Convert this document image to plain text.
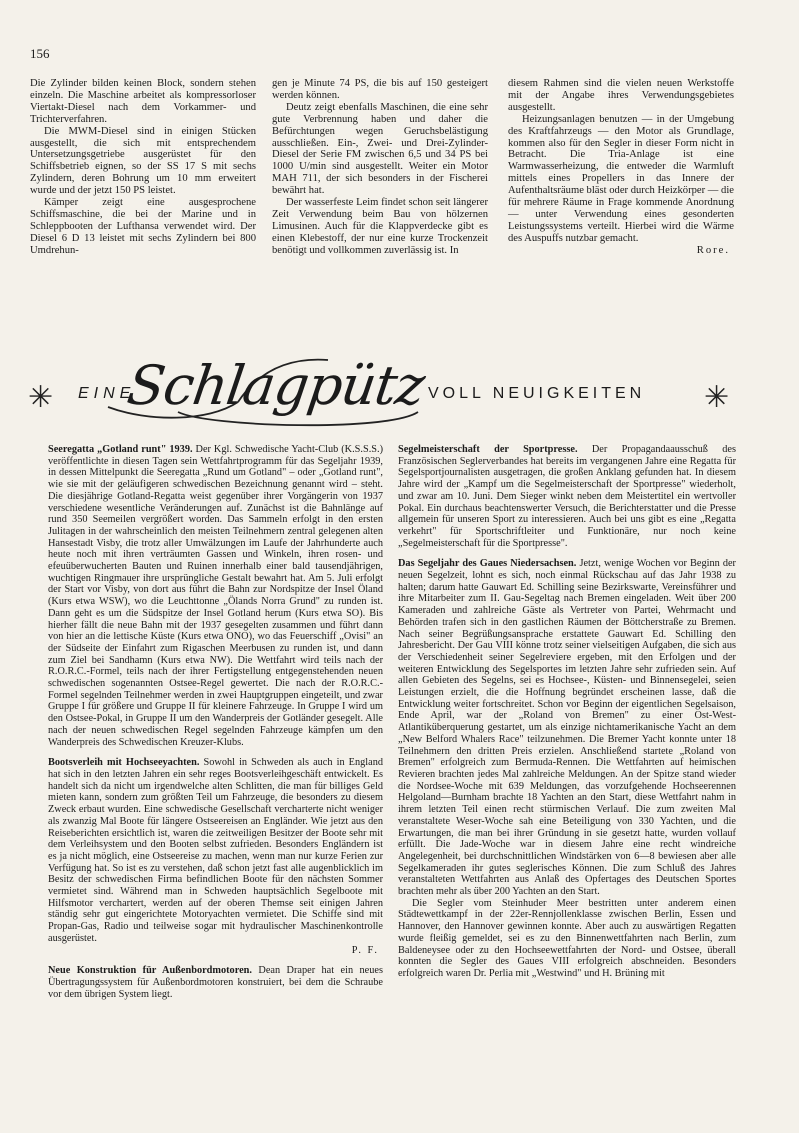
156

Die Zylinder bilden keinen Block, sondern stehen einzeln. Die Maschine arbeitet als kompressorloser Viertakt-Diesel nach dem Vorkammer- und Trichterverfahren.

Die MWM-Diesel sind in einigen Stücken ausgestellt, die sich mit entsprechendem Untersetzungsgetriebe ausgerüstet für den Schiffsbetrieb eignen, so der SS 17 S mit sechs Zylindern, deren Bohrung um 10 mm erweitert wurde und der jetzt 150 PS leistet.

Kämper zeigt eine ausgesprochene Schiffsmaschine, die bei der Marine und in Schleppbooten der Lufthansa verwendet wird. Der Diesel 6 D 13 leistet mit sechs Zylindern bei 800 Umdrehun-

gen je Minute 74 PS, die bis auf 150 gesteigert werden können.

Deutz zeigt ebenfalls Maschinen, die eine sehr gute Verbrennung haben und daher die Befürchtungen wegen Geruchsbelästigung ausschließen. Ein-, Zwei- und Drei-Zylinder-Diesel der Serie FM zwischen 6,5 und 34 PS bei 1000 U/min sind ausgestellt. Weiter ein Motor MAH 711, der sich besonders in der Fischerei bewährt hat.

Der wasserfeste Leim findet schon seit längerer Zeit Verwendung beim Bau von hölzernen Limusinen. Auch für die Klappverdecke gibt es einen Klebestoff, der nur eine kurze Trockenzeit benötigt und vollkommen zuverlässig ist. In

diesem Rahmen sind die vielen neuen Werkstoffe mit der Angabe ihres Verwendungsgebietes ausgestellt.

Heizungsanlagen benutzen — in der Umgebung des Kraftfahrzeugs — den Motor als Grundlage, kommen also für den Segler in dieser Form nicht in Betracht. Die Tria-Anlage ist eine Warmwasserheizung, die entweder die Warmluft mittels eines Propellers in das Innere der Aufenthaltsräume bläst oder durch Heizkörper — die für mehrere Räume in Frage kommende Anordnung — unter Verwendung eines gesonderten Leistungssystems verteilt. Hierbei wird die Wärme des Auspuffs nutzbar gemacht.

Rore.

✳ EINE
Schlagpütz VOLL NEUIGKEITEN ✳

Seeregatta „Gotland runt" 1939. Der Kgl. Schwedische Yacht-Club (K.S.S.S.) veröffentlichte in diesen Tagen sein Wettfahrtprogramm für das Segeljahr 1939, in dessen Mittelpunkt die Seeregatta „Rund um Gotland" – oder „Gotland runt", wie sie mit der geläufigeren schwedischen Bezeichnung genannt wird – steht. Die diesjährige Gotland-Regatta weist gegenüber ihrer Vorgängerin von 1937 verschiedene wesentliche Veränderungen auf. Zunächst ist die Bahnlänge auf rund 350 Seemeilen vergrößert worden. Das Sammeln erfolgt in den ersten Julitagen in der wahrscheinlich den meisten Teilnehmern zentral gelegenen alten Hansestadt Visby, die trotz aller Umwälzungen im Laufe der Jahrhunderte auch heute noch mit ihren verträumten Gassen und Winkeln, ihren rosen- und efeuüberwucherten Bauten und Ruinen innerhalb einer bald tausendjährigen, wuchtigen Ringmauer ihre ursprüngliche Gestalt bewahrt hat. Am 5. Juli erfolgt der Start vor Visby, von dort aus führt die Bahn zur Nordspitze der Insel Öland (Kurs etwa WSW), wo die Leuchttonne „Ölands Norra Grund" zu runden ist. Dann geht es um die Südspitze der Insel Gotland herum (Kurs etwa SO). Bis hierher fällt die neue Bahn mit der 1937 gesegelten zusammen und führt dann von hier an die lettische Küste (Kurs etwa ONO), wo das Feuerschiff „Ovisi" an der Südseite der Einfahrt zum Rigaschen Meerbusen zu runden ist, und dann zum Ziel bei Sandhamn (Kurs etwa NW). Die Wettfahrt wird teils nach der R.O.R.C.-Formel, teils nach der ihrer Fertigstellung entgegenstehenden neuen schwedischen sogenannten Ostsee-Regel gewertet. Die nach der R.O.R.C.-Formel segelnden Teilnehmer werden in zwei Hauptgruppen eingeteilt, und zwar Gruppe I für größere und Gruppe II für kleinere Fahrzeuge. In Gruppe I wird um den Ostsee-Pokal, in Gruppe II um den Wanderpreis der Gotländer gesegelt. Alle nach der neuen schwedischen Regel segelnden Fahrzeuge kämpfen um den Wanderpreis des Schwedischen Kreuzer-Klubs.

Bootsverleih mit Hochseeyachten. Sowohl in Schweden als auch in England hat sich in den letzten Jahren ein sehr reges Bootsverleihgeschäft entwickelt. Es handelt sich da nicht um irgendwelche alten Schlitten, die man für billiges Geld mieten kann, sondern zum größten Teil um Fahrzeuge, die besonders zu diesem Zweck erbaut wurden. Eine schwedische Gesellschaft vercharterte nicht weniger als zwanzig Mal Boote für längere Ostseereisen an Engländer. Wie jetzt aus den Reiseberichten ersichtlich ist, waren die zeitweiligen Besitzer der Boote sehr mit dem Verleihsystem und den Booten selbst zufrieden. Besonders Engländern ist es ja nicht möglich, eine Ostseereise zu machen, wenn man nur kurze Ferien zur Verfügung hat. So ist es zu verstehen, daß schon jetzt fast alle augenblicklich im Besitz der schwedischen Firma befindlichen Boote für den nächsten Sommer vermietet sind. Während man in Schweden hauptsächlich Segelboote mit Hilfsmotor verchartert, werden auf der oberen Themse seit einigen Jahren ständig sehr gut eingerichtete Motoryachten vermietet. Die Schiffe sind mit Propan-Gas, Radio und teilweise sogar mit hydraulischer Maschinenkontrolle ausgerüstet.

P. F.

Neue Konstruktion für Außenbordmotoren. Dean Draper hat ein neues Übertragungssystem für Außenbordmotoren konstruiert, bei dem die Schraube vor dem übrigen System liegt.

Segelmeisterschaft der Sportpresse. Der Propagandaausschuß des Französischen Seglerverbandes hat bereits im vergangenen Jahre eine Regatta für Segelsportjournalisten ausgetragen, die großen Anklang gefunden hat. In diesem Jahre wird der „Kampf um die Segelmeisterschaft der Sportpresse" wiederholt, und zwar am 10. Juni. Dem Sieger winkt neben dem Meistertitel ein wertvoller Pokal. Ein durchaus beachtenswerter Versuch, die Berichterstatter und die Presse allgemein für unseren Sport zu interessieren. Auch bei uns gibt es eine „Regatta verkehrt" für Sportschriftleiter und Funktionäre, nur noch keine „Segelmeisterschaft für die Sportpresse".

Das Segeljahr des Gaues Niedersachsen. Jetzt, wenige Wochen vor Beginn der neuen Segelzeit, lohnt es sich, noch einmal Rückschau auf das Jahr 1938 zu halten; darum hatte Gauwart Ed. Schilling seine Bezirkswarte, Vereinsführer und ihre Mitarbeiter zum II. Gau-Segeltag nach Bremen eingeladen. Weit über 200 Kameraden und zahlreiche Gäste als Vertreter von Partei, Wehrmacht und Behörden trafen sich in den gastlichen Räumen der Böttcherstraße zu Bremen. Nach seiner Begrüßungsansprache erstattete Gauwart Ed. Schilling den Jahresbericht. Der Gau VIII könne trotz seiner vielseitigen Aufgaben, die sich aus der Verschiedenheit seiner Segelreviere ergeben, mit den Erfolgen und der weiteren Entwicklung des Segelsportes im letzten Jahre sehr zufrieden sein. Auf allen Gebieten des Segelns, sei es Hochsee-, Küsten- und Binnensegelei, seien Leistungen erzielt, die die Hoffnung begründet erscheinen lasse, daß die Entwicklung weiter fortschreitet. Schon vor Beginn der eigentlichen Segelsaison, Ende April, war der „Roland von Bremen" zu einer Ost-West-Atlantiküberquerung gestartet, um als einzige nichtamerikanische Yacht an dem „New Belford Whalers Race" teilzunehmen. Die Bremer Yacht konnte unter 18 Teilnehmern den dritten Preis erzielen. Anschließend startete „Roland von Bremen" erfolgreich zum Bermuda-Rennen. Die Wettfahrten auf heimischen Revieren brachten jedes Mal zahlreiche Meldungen. An der Spitze stand wieder die Nordsee-Woche mit 639 Meldungen, das vorzufgehende Hochseerennen Helgoland—Burnham brachte 18 Yachten an den Start, diese Wettfahrt nahm in ihrem letzten Teil einen recht stürmischen Verlauf. Die zum zweiten Mal veranstaltete Weser-Woche sah eine Beteiligung von 330 Yachten, und die Erwartungen, die man bei ihrer Gründung in sie gesetzt hatte, wurden vollauf erfüllt. Die Jade-Woche war in diesem Jahre eine recht windreiche Angelegenheit, bei durchschnittlichen Windstärken von 6—8 bewiesen aber alle Segelkameraden ihr gutes seglerisches Können. Die zum Schluß des Jahres veranstalteten Wettfahrten aus Anlaß des Opfertages des Deutschen Sportes brachten mehr als über 200 Yachten an den Start.

Die Segler vom Steinhuder Meer bestritten unter anderem einen Städtewettkampf in der 22er-Rennjollenklasse zwischen Berlin, Essen und Hannover, den Hannover gewinnen konnte. Aber auch zu auswärtigen Regatten wurde fleißig gemeldet, sei es zu den Binnenwettfahrten nach Berlin, zum Baldeneysee oder zu den Hochseewettfahrten der Nord- und Ostsee, überall konnten die Segler des Gaues VIII erfolgreich abschneiden. Besonders erfolgreich waren Dr. Perlia mit „Westwind" und H. Brüning mit
